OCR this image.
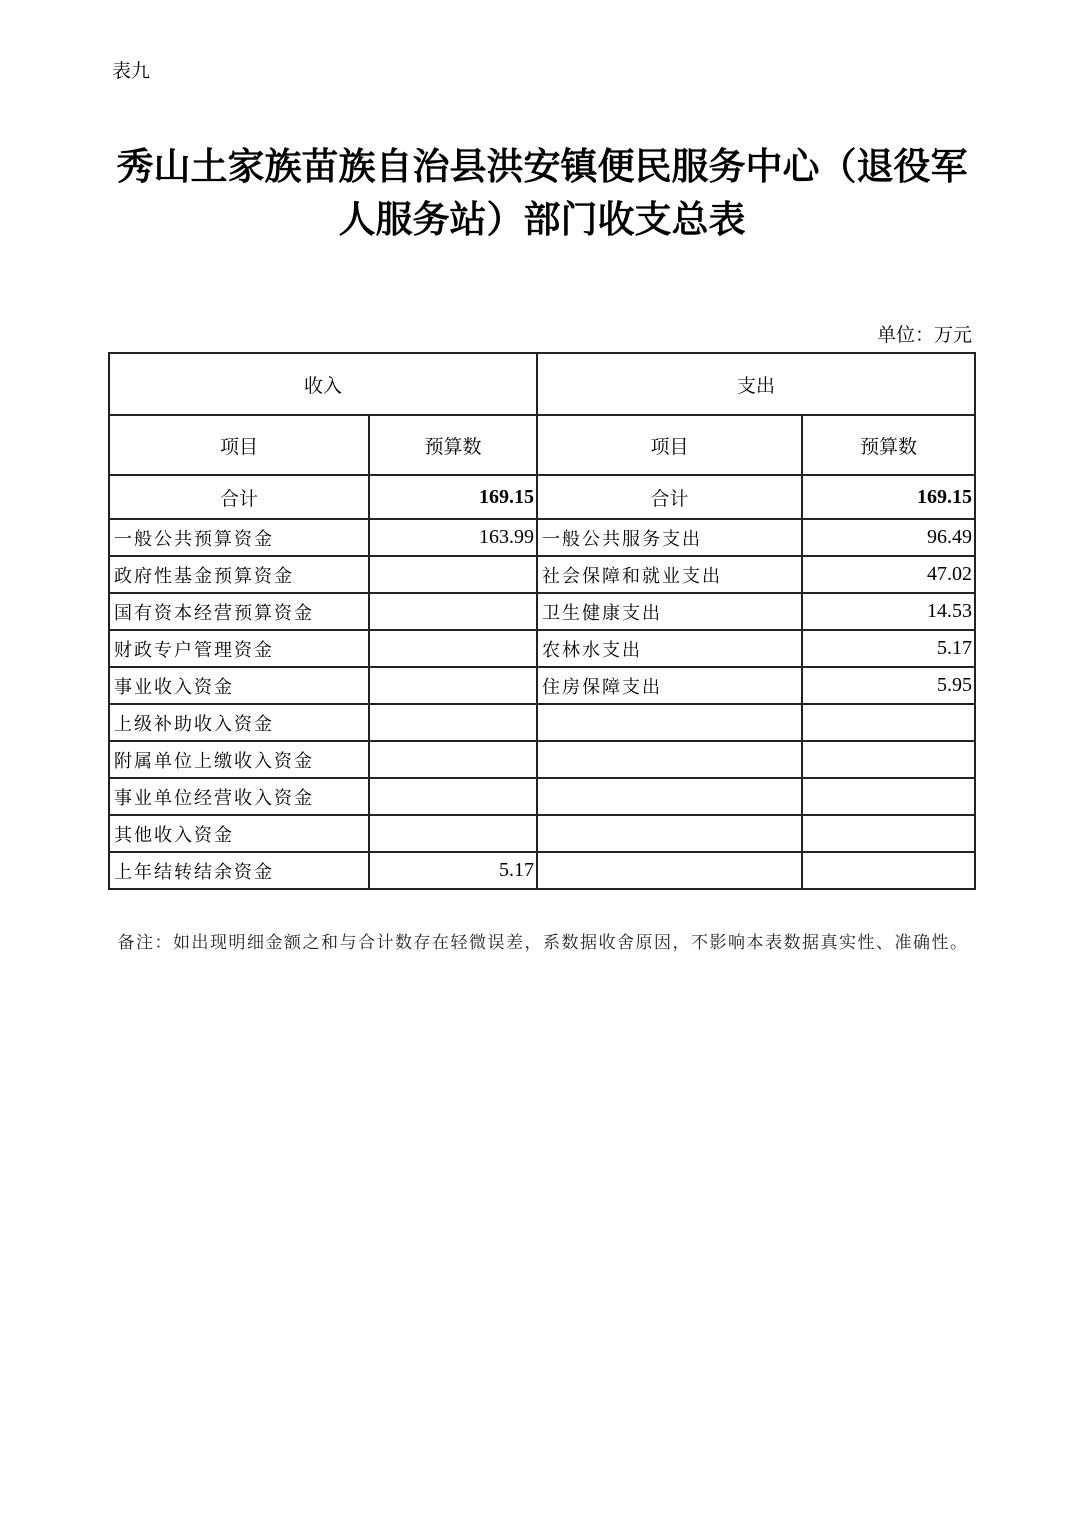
表九
秀山土家族苗族自治县洪安镇便民服务中心（退役军人服务站）部门收支总表
单位：万元
收入		支出	
项目	预算数	项目	预算数
合计	169.15	合计	169.15
一般公共预算资金	163.99	一般公共服务支出	96.49
政府性基金预算资金		社会保障和就业支出	47.02
国有资本经营预算资金		卫生健康支出	14.53
财政专户管理资金		农林水支出	5.17
事业收入资金		住房保障支出	5.95
上级补助收入资金			
附属单位上缴收入资金			
事业单位经营收入资金			
其他收入资金			
上年结转结余资金	5.17		
备注：如出现明细金额之和与合计数存在轻微误差，系数据收舍原因，不影响本表数据真实性、准确性。
